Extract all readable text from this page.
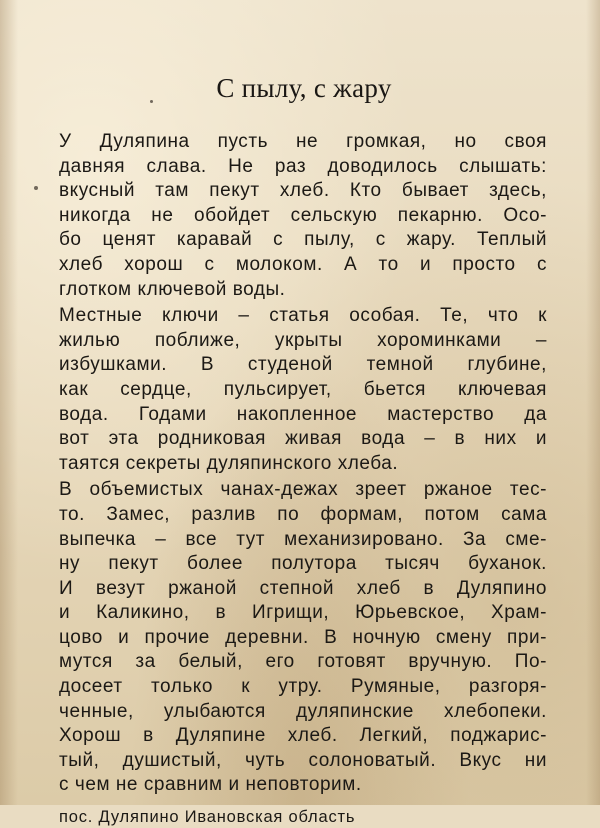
С пылу, с жару
У Дуляпина пусть не громкая, но своя
давняя слава. Не раз доводилось слышать:
вкусный там пекут хлеб. Кто бывает здесь,
никогда не обойдет сельскую пекарню. Осо-
бо ценят каравай с пылу, с жару. Теплый
хлеб хорош с молоком. А то и просто с
глотком ключевой воды.
Местные ключи – статья особая. Те, что к
жилью поближе, укрыты хороминками –
избушками. В студеной темной глубине,
как сердце, пульсирует, бьется ключевая
вода. Годами накопленное мастерство да
вот эта родниковая живая вода – в них и
таятся секреты дуляпинского хлеба.
В объемистых чанах-дежах зреет ржаное тес-
то. Замес, разлив по формам, потом сама
выпечка – все тут механизировано. За сме-
ну пекут более полутора тысяч буханок.
И везут ржаной степной хлеб в Дуляпино
и Каликино, в Игрищи, Юрьевское, Храм-
цово и прочие деревни. В ночную смену при-
мутся за белый, его готовят вручную. По-
досеет только к утру. Румяные, разгоря-
ченные, улыбаются дуляпинские хлебопеки.
Хорош в Дуляпине хлеб. Легкий, поджарис-
тый, душистый, чуть солоноватый. Вкус ни
с чем не сравним и неповторим.
пос. Дуляпино Ивановская область
